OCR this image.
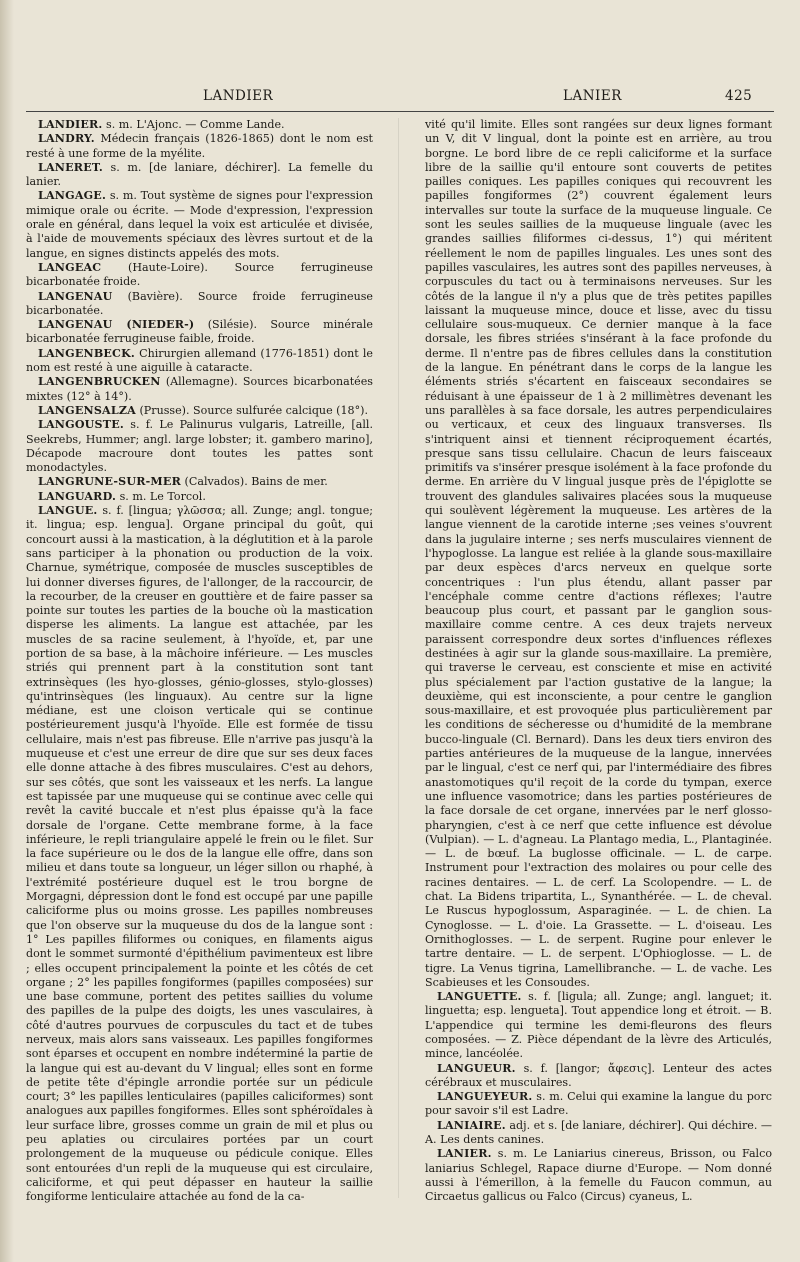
LANDIER	LANIER	425

LANDIER. s. m. L'Ajonc. — Comme Lande.

LANDRY. Médecin français (1826-1865) dont le nom est resté à une forme de la myélite.

LANERET. s. m. [de laniare, déchirer]. La femelle du lanier.

LANGAGE. s. m. Tout système de signes pour l'expression mimique orale ou écrite. — Mode d'expression, l'expression orale en général, dans lequel la voix est articulée et divisée, à l'aide de mouvements spéciaux des lèvres surtout et de la langue, en signes distincts appelés des mots.

LANGEAC (Haute-Loire). Source ferrugineuse bicarbonatée froide.

LANGENAU (Bavière). Source froide ferrugineuse bicarbonatée.

LANGENAU (NIEDER-) (Silésie). Source minérale bicarbonatée ferrugineuse faible, froide.

LANGENBECK. Chirurgien allemand (1776-1851) dont le nom est resté à une aiguille à cataracte.

LANGENBRUCKEN (Allemagne). Sources bicarbonatées mixtes (12° à 14°).

LANGENSALZA (Prusse). Source sulfurée calcique (18°).

LANGOUSTE. s. f. Le Palinurus vulgaris, Latreille, [all. Seekrebs, Hummer; angl. large lobster; it. gambero marino], Décapode macroure dont toutes les pattes sont monodactyles.

LANGRUNE-SUR-MER (Calvados). Bains de mer.

LANGUARD. s. m. Le Torcol.

LANGUE. s. f. [lingua; γλῶσσα; all. Zunge; angl. tongue; it. lingua; esp. lengua]. Organe principal du goût, qui concourt aussi à la mastication, à la déglutition et à la parole sans participer à la phonation ou production de la voix. Charnue, symétrique, composée de muscles susceptibles de lui donner diverses figures, de l'allonger, de la raccourcir, de la recourber, de la creuser en gouttière et de faire passer sa pointe sur toutes les parties de la bouche où la mastication disperse les aliments. La langue est attachée, par les muscles de sa racine seulement, à l'hyoïde, et, par une portion de sa base, à la mâchoire inférieure. — Les muscles striés qui prennent part à la constitution sont tant extrinsèques (les hyo-glosses, génio-glosses, stylo-glosses) qu'intrinsèques (les linguaux). Au centre sur la ligne médiane, est une cloison verticale qui se continue postérieurement jusqu'à l'hyoïde. Elle est formée de tissu cellulaire, mais n'est pas fibreuse. Elle n'arrive pas jusqu'à la muqueuse et c'est une erreur de dire que sur ses deux faces elle donne attache à des fibres musculaires. C'est au dehors, sur ses côtés, que sont les vaisseaux et les nerfs. La langue est tapissée par une muqueuse qui se continue avec celle qui revêt la cavité buccale et n'est plus épaisse qu'à la face dorsale de l'organe. Cette membrane forme, à la face inférieure, le repli triangulaire appelé le frein ou le filet. Sur la face supérieure ou le dos de la langue elle offre, dans son milieu et dans toute sa longueur, un léger sillon ou rhaphé, à l'extrémité postérieure duquel est le trou borgne de Morgagni, dépression dont le fond est occupé par une papille caliciforme plus ou moins grosse. Les papilles nombreuses que l'on observe sur la muqueuse du dos de la langue sont : 1° Les papilles filiformes ou coniques, en filaments aigus dont le sommet surmonté d'épithélium pavimenteux est libre ; elles occupent principalement la pointe et les côtés de cet organe ; 2° les papilles fongiformes (papilles composées) sur une base commune, portent des petites saillies du volume des papilles de la pulpe des doigts, les unes vasculaires, à côté d'autres pourvues de corpuscules du tact et de tubes nerveux, mais alors sans vaisseaux. Les papilles fongiformes sont éparses et occupent en nombre indéterminé la partie de la langue qui est au-devant du V lingual; elles sont en forme de petite tête d'épingle arrondie portée sur un pédicule court; 3° les papilles lenticulaires (papilles caliciformes) sont analogues aux papilles fongiformes. Elles sont sphéroïdales à leur surface libre, grosses comme un grain de mil et plus ou peu aplaties ou circulaires portées par un court prolongement de la muqueuse ou pédicule conique. Elles sont entourées d'un repli de la muqueuse qui est circulaire, caliciforme, et qui peut dépasser en hauteur la saillie fongiforme lenticulaire attachée au fond de la ca-

vité qu'il limite. Elles sont rangées sur deux lignes formant un V, dit V lingual, dont la pointe est en arrière, au trou borgne. Le bord libre de ce repli caliciforme et la surface libre de la saillie qu'il entoure sont couverts de petites pailles coniques. Les papilles coniques qui recouvrent les papilles fongiformes (2°) couvrent également leurs intervalles sur toute la surface de la muqueuse linguale. Ce sont les seules saillies de la muqueuse linguale (avec les grandes saillies filiformes ci-dessus, 1°) qui méritent réellement le nom de papilles linguales. Les unes sont des papilles vasculaires, les autres sont des papilles nerveuses, à corpuscules du tact ou à terminaisons nerveuses. Sur les côtés de la langue il n'y a plus que de très petites papilles laissant la muqueuse mince, douce et lisse, avec du tissu cellulaire sous-muqueux. Ce dernier manque à la face dorsale, les fibres striées s'insérant à la face profonde du derme. Il n'entre pas de fibres cellules dans la constitution de la langue. En pénétrant dans le corps de la langue les éléments striés s'écartent en faisceaux secondaires se réduisant à une épaisseur de 1 à 2 millimètres devenant les uns parallèles à sa face dorsale, les autres perpendiculaires ou verticaux, et ceux des linguaux transverses. Ils s'intriquent ainsi et tiennent réciproquement écartés, presque sans tissu cellulaire. Chacun de leurs faisceaux primitifs va s'insérer presque isolément à la face profonde du derme. En arrière du V lingual jusque près de l'épiglotte se trouvent des glandules salivaires placées sous la muqueuse qui soulèvent légèrement la muqueuse. Les artères de la langue viennent de la carotide interne ;ses veines s'ouvrent dans la jugulaire interne ; ses nerfs musculaires viennent de l'hypoglosse. La langue est reliée à la glande sous-maxillaire par deux espèces d'arcs nerveux en quelque sorte concentriques : l'un plus étendu, allant passer par l'encéphale comme centre d'actions réflexes; l'autre beaucoup plus court, et passant par le ganglion sous-maxillaire comme centre. A ces deux trajets nerveux paraissent correspondre deux sortes d'influences réflexes destinées à agir sur la glande sous-maxillaire. La première, qui traverse le cerveau, est consciente et mise en activité plus spécialement par l'action gustative de la langue; la deuxième, qui est inconsciente, a pour centre le ganglion sous-maxillaire, et est provoquée plus particulièrement par les conditions de sécheresse ou d'humidité de la membrane bucco-linguale (Cl. Bernard). Dans les deux tiers environ des parties antérieures de la muqueuse de la langue, innervées par le lingual, c'est ce nerf qui, par l'intermédiaire des fibres anastomotiques qu'il reçoit de la corde du tympan, exerce une influence vasomotrice; dans les parties postérieures de la face dorsale de cet organe, innervées par le nerf glosso-pharyngien, c'est à ce nerf que cette influence est dévolue (Vulpian). — L. d'agneau. La Plantago media, L., Plantaginée. — L. de bœuf. La buglosse officinale. — L. de carpe. Instrument pour l'extraction des molaires ou pour celle des racines dentaires. — L. de cerf. La Scolopendre. — L. de chat. La Bidens tripartita, L., Synanthérée. — L. de cheval. Le Ruscus hypoglossum, Asparaginée. — L. de chien. La Cynoglosse. — L. d'oie. La Grassette. — L. d'oiseau. Les Ornithoglosses. — L. de serpent. Rugine pour enlever le tartre dentaire. — L. de serpent. L'Ophioglosse. — L. de tigre. La Venus tigrina, Lamellibranche. — L. de vache. Les Scabieuses et les Consoudes.

LANGUETTE. s. f. [ligula; all. Zunge; angl. languet; it. linguetta; esp. lengueta]. Tout appendice long et étroit. — B. L'appendice qui termine les demi-fleurons des fleurs composées. — Z. Pièce dépendant de la lèvre des Articulés, mince, lancéolée.

LANGUEUR. s. f. [langor; ἄφεσις]. Lenteur des actes cérébraux et musculaires.

LANGUEYEUR. s. m. Celui qui examine la langue du porc pour savoir s'il est Ladre.

LANIAIRE. adj. et s. [de laniare, déchirer]. Qui déchire. — A. Les dents canines.

LANIER. s. m. Le Laniarius cinereus, Brisson, ou Falco laniarius Schlegel, Rapace diurne d'Europe. — Nom donné aussi à l'émerillon, à la femelle du Faucon commun, au Circaetus gallicus ou Falco (Circus) cyaneus, L.
